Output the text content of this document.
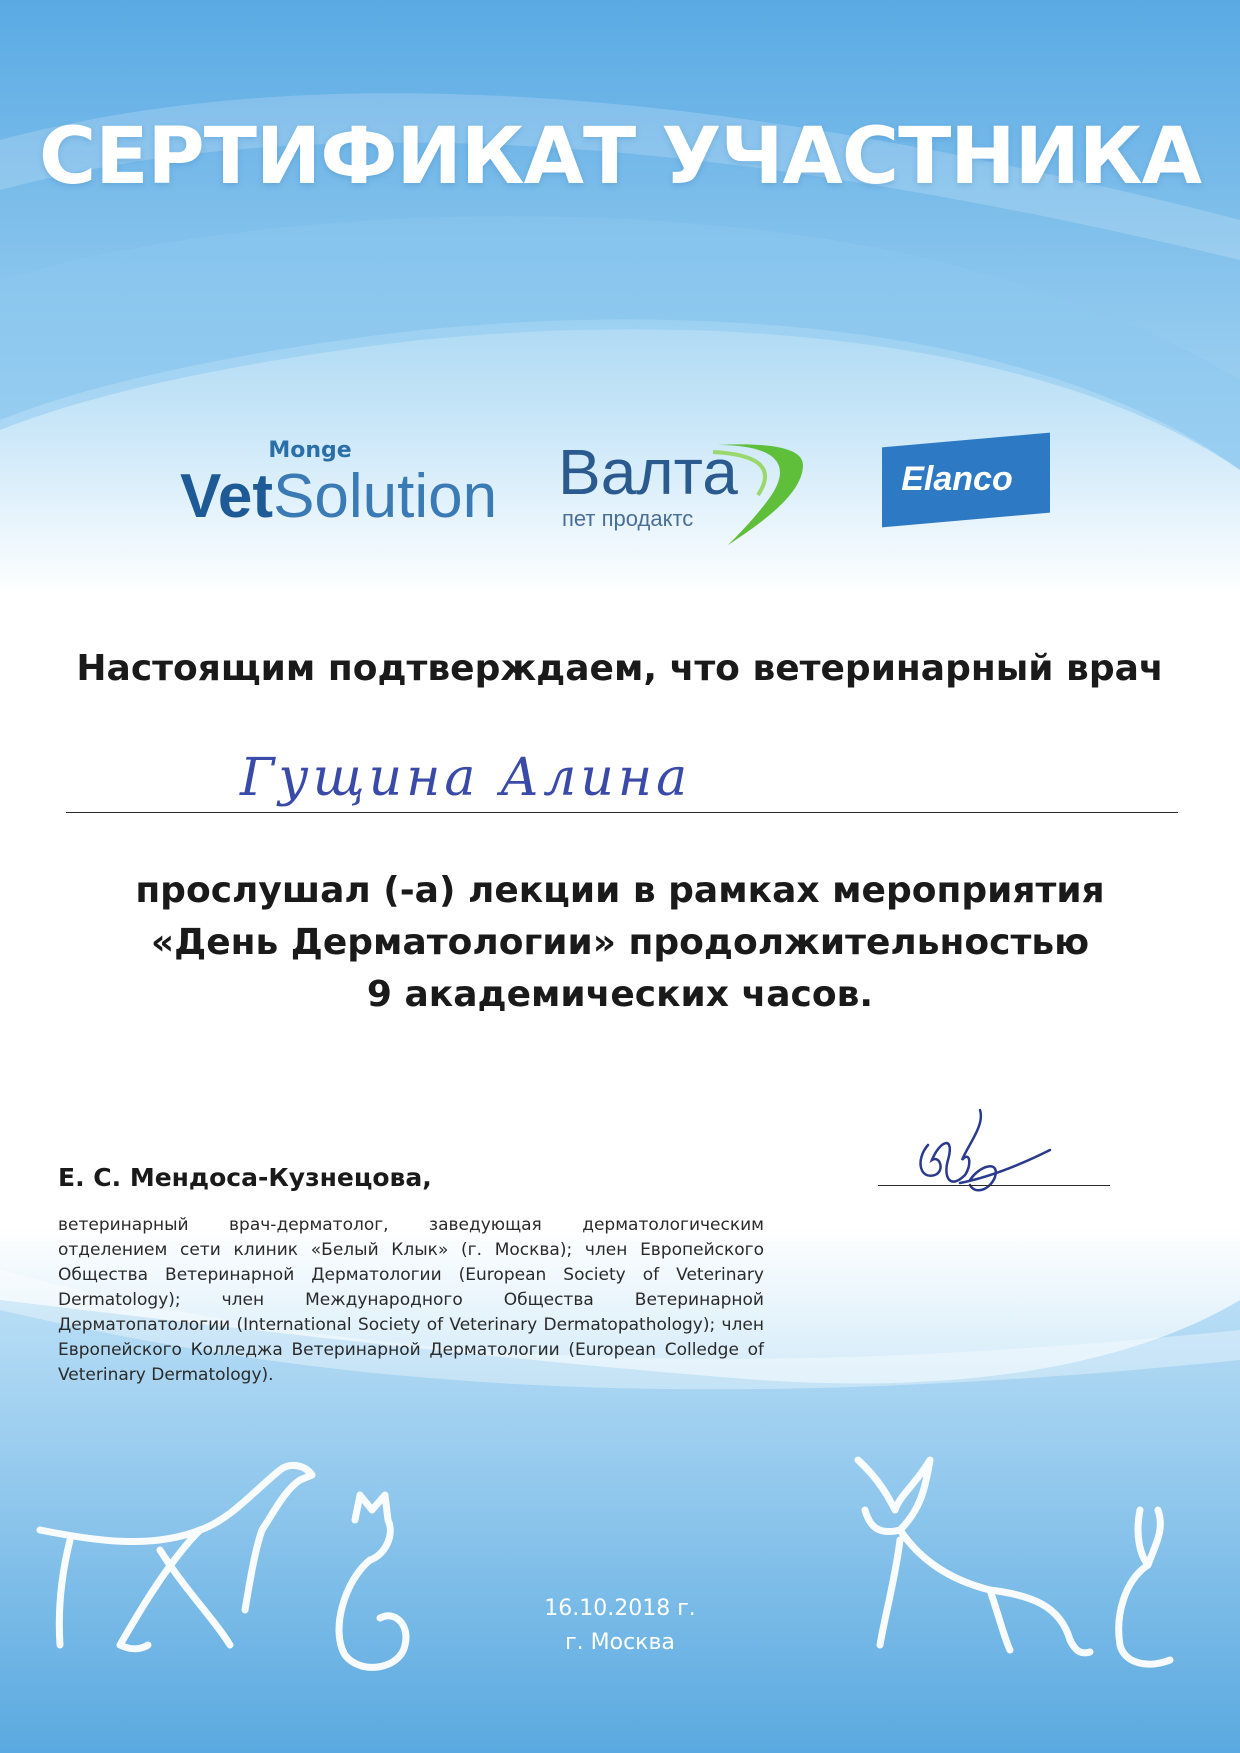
СЕРТИФИКАТ УЧАСТНИКА
Monge
VetSolution Валта
пет продактс
Elanco
Настоящим подтверждаем, что ветеринарный врач
Гущина Алина
прослушал (-а) лекции в рамках мероприятия
«День Дерматологии» продолжительностью
9 академических часов.
Е. С. Мендоса-Кузнецова,
ветеринарный врач-дерматолог, заведующая дерматологическим отделением сети клиник «Белый Клык» (г. Москва); член Европейского Общества Ветеринарной Дерматологии (European Society of Veterinary Dermatology); член Международного Общества Ветеринарной Дерматопатологии (International Society of Veterinary Dermatopathology); член Европейского Колледжа Ветеринарной Дерматологии (European Colledge of Veterinary Dermatology).
16.10.2018 г.
г. Москва
